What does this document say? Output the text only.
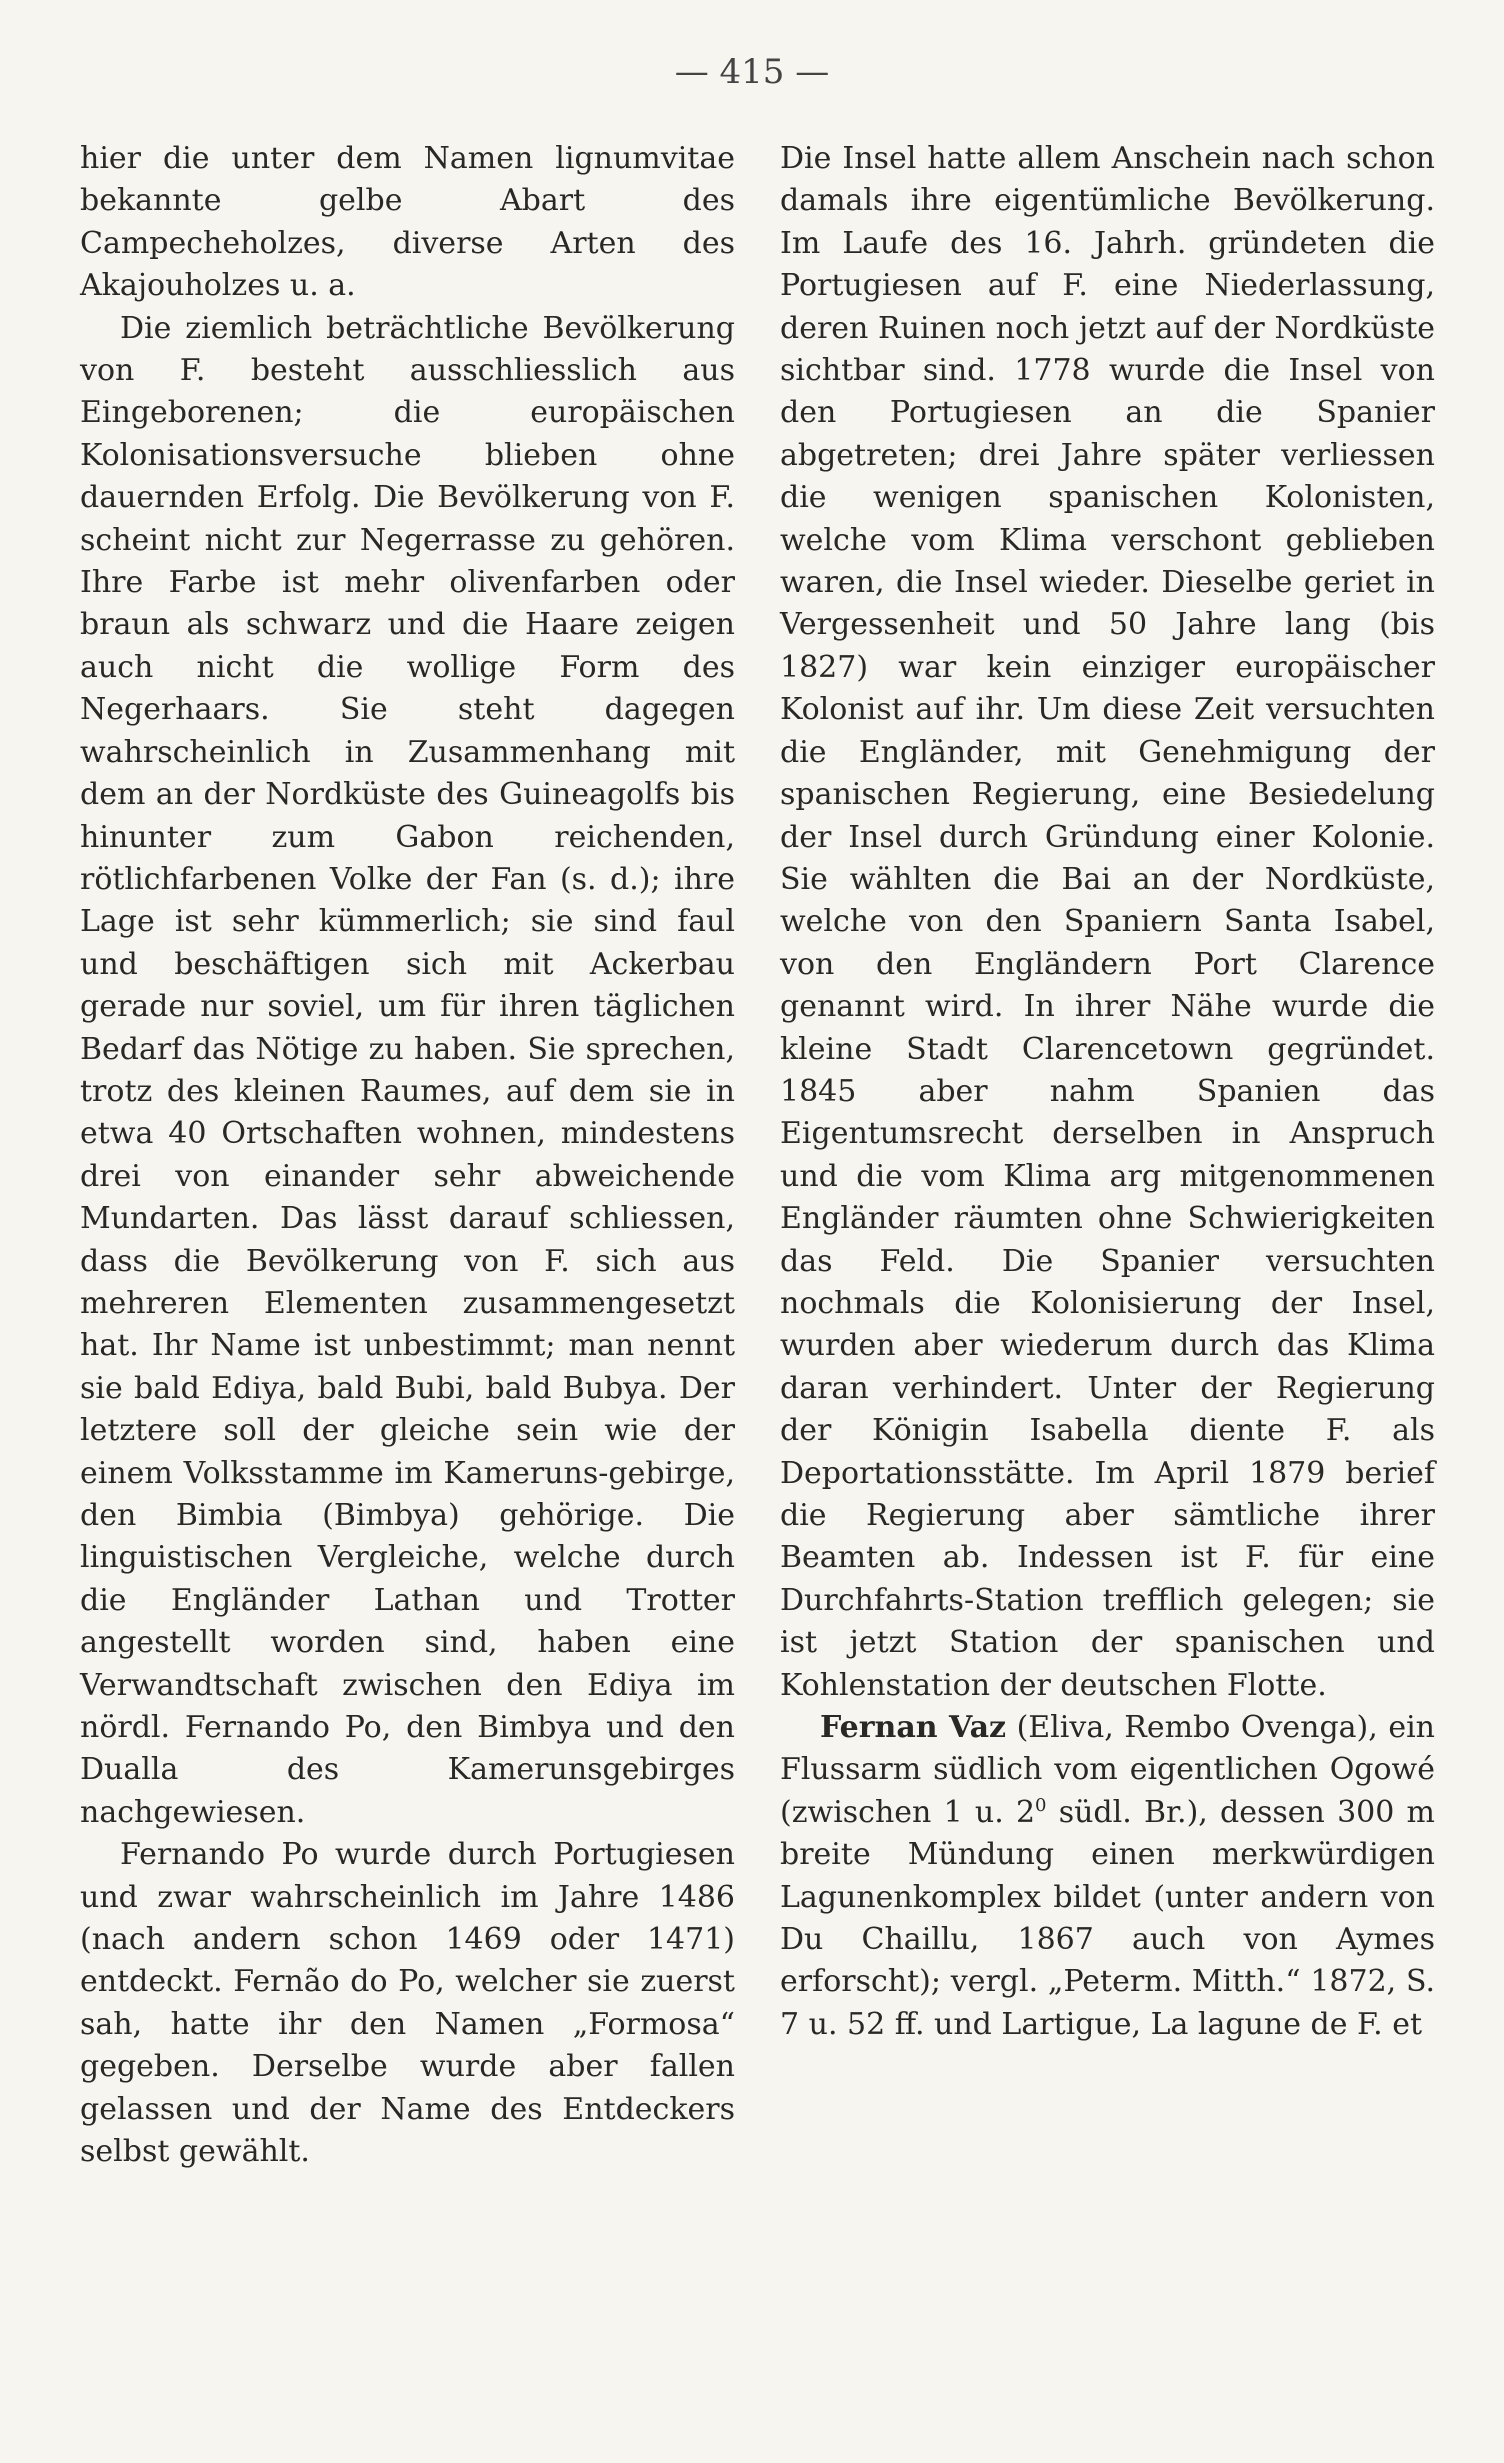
— 415 —

hier die unter dem Namen lignumvitae bekannte gelbe Abart des Campecheholzes, diverse Arten des Akajouholzes u. a.

Die ziemlich beträchtliche Bevölkerung von F. besteht ausschliesslich aus Eingeborenen; die europäischen Kolonisationsversuche blieben ohne dauernden Erfolg. Die Bevölkerung von F. scheint nicht zur Negerrasse zu gehören. Ihre Farbe ist mehr olivenfarben oder braun als schwarz und die Haare zeigen auch nicht die wollige Form des Negerhaars. Sie steht dagegen wahrscheinlich in Zusammenhang mit dem an der Nordküste des Guineagolfs bis hinunter zum Gabon reichenden, rötlichfarbenen Volke der Fan (s. d.); ihre Lage ist sehr kümmerlich; sie sind faul und beschäftigen sich mit Ackerbau gerade nur soviel, um für ihren täglichen Bedarf das Nötige zu haben. Sie sprechen, trotz des kleinen Raumes, auf dem sie in etwa 40 Ortschaften wohnen, mindestens drei von einander sehr abweichende Mundarten. Das lässt darauf schliessen, dass die Bevölkerung von F. sich aus mehreren Elementen zusammengesetzt hat. Ihr Name ist unbestimmt; man nennt sie bald Ediya, bald Bubi, bald Bubya. Der letztere soll der gleiche sein wie der einem Volksstamme im Kameruns-gebirge, den Bimbia (Bimbya) gehörige. Die linguistischen Vergleiche, welche durch die Engländer Lathan und Trotter angestellt worden sind, haben eine Verwandtschaft zwischen den Ediya im nördl. Fernando Po, den Bimbya und den Dualla des Kamerunsgebirges nachgewiesen.

Fernando Po wurde durch Portugiesen und zwar wahrscheinlich im Jahre 1486 (nach andern schon 1469 oder 1471) entdeckt. Fernão do Po, welcher sie zuerst sah, hatte ihr den Namen „Formosa“ gegeben. Derselbe wurde aber fallen gelassen und der Name des Entdeckers selbst gewählt.

Die Insel hatte allem Anschein nach schon damals ihre eigentümliche Bevölkerung. Im Laufe des 16. Jahrh. gründeten die Portugiesen auf F. eine Niederlassung, deren Ruinen noch jetzt auf der Nordküste sichtbar sind. 1778 wurde die Insel von den Portugiesen an die Spanier abgetreten; drei Jahre später verliessen die wenigen spanischen Kolonisten, welche vom Klima verschont geblieben waren, die Insel wieder. Dieselbe geriet in Vergessenheit und 50 Jahre lang (bis 1827) war kein einziger europäischer Kolonist auf ihr. Um diese Zeit versuchten die Engländer, mit Genehmigung der spanischen Regierung, eine Besiedelung der Insel durch Gründung einer Kolonie. Sie wählten die Bai an der Nordküste, welche von den Spaniern Santa Isabel, von den Engländern Port Clarence genannt wird. In ihrer Nähe wurde die kleine Stadt Clarencetown gegründet. 1845 aber nahm Spanien das Eigentumsrecht derselben in Anspruch und die vom Klima arg mitgenommenen Engländer räumten ohne Schwierigkeiten das Feld. Die Spanier versuchten nochmals die Kolonisierung der Insel, wurden aber wiederum durch das Klima daran verhindert. Unter der Regierung der Königin Isabella diente F. als Deportationsstätte. Im April 1879 berief die Regierung aber sämtliche ihrer Beamten ab. Indessen ist F. für eine Durchfahrts-Station trefflich gelegen; sie ist jetzt Station der spanischen und Kohlenstation der deutschen Flotte.

Fernan Vaz (Eliva, Rembo Ovenga), ein Flussarm südlich vom eigentlichen Ogowé (zwischen 1 u. $2^0$ südl. Br.), dessen 300 m breite Mündung einen merkwürdigen Lagunenkomplex bildet (unter andern von Du Chaillu, 1867 auch von Aymes erforscht); vergl. „Peterm. Mitth.“ 1872, S. 7 u. 52 ff. und Lartigue, La lagune de F. et
